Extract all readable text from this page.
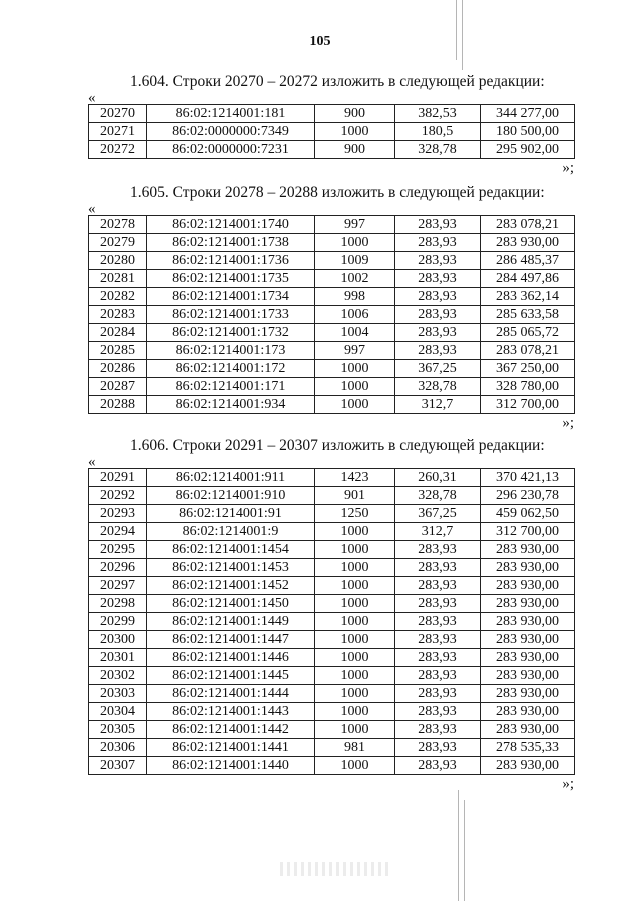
105
1.604. Строки 20270 – 20272 изложить в следующей редакции:
«
20270	86:02:1214001:181	900	382,53	344 277,00
20271	86:02:0000000:7349	1000	180,5	180 500,00
20272	86:02:0000000:7231	900	328,78	295 902,00
»;
1.605. Строки 20278 – 20288 изложить в следующей редакции:
«
20278	86:02:1214001:1740	997	283,93	283 078,21
20279	86:02:1214001:1738	1000	283,93	283 930,00
20280	86:02:1214001:1736	1009	283,93	286 485,37
20281	86:02:1214001:1735	1002	283,93	284 497,86
20282	86:02:1214001:1734	998	283,93	283 362,14
20283	86:02:1214001:1733	1006	283,93	285 633,58
20284	86:02:1214001:1732	1004	283,93	285 065,72
20285	86:02:1214001:173	997	283,93	283 078,21
20286	86:02:1214001:172	1000	367,25	367 250,00
20287	86:02:1214001:171	1000	328,78	328 780,00
20288	86:02:1214001:934	1000	312,7	312 700,00
»;
1.606. Строки 20291 – 20307 изложить в следующей редакции:
«
20291	86:02:1214001:911	1423	260,31	370 421,13
20292	86:02:1214001:910	901	328,78	296 230,78
20293	86:02:1214001:91	1250	367,25	459 062,50
20294	86:02:1214001:9	1000	312,7	312 700,00
20295	86:02:1214001:1454	1000	283,93	283 930,00
20296	86:02:1214001:1453	1000	283,93	283 930,00
20297	86:02:1214001:1452	1000	283,93	283 930,00
20298	86:02:1214001:1450	1000	283,93	283 930,00
20299	86:02:1214001:1449	1000	283,93	283 930,00
20300	86:02:1214001:1447	1000	283,93	283 930,00
20301	86:02:1214001:1446	1000	283,93	283 930,00
20302	86:02:1214001:1445	1000	283,93	283 930,00
20303	86:02:1214001:1444	1000	283,93	283 930,00
20304	86:02:1214001:1443	1000	283,93	283 930,00
20305	86:02:1214001:1442	1000	283,93	283 930,00
20306	86:02:1214001:1441	981	283,93	278 535,33
20307	86:02:1214001:1440	1000	283,93	283 930,00
»;
